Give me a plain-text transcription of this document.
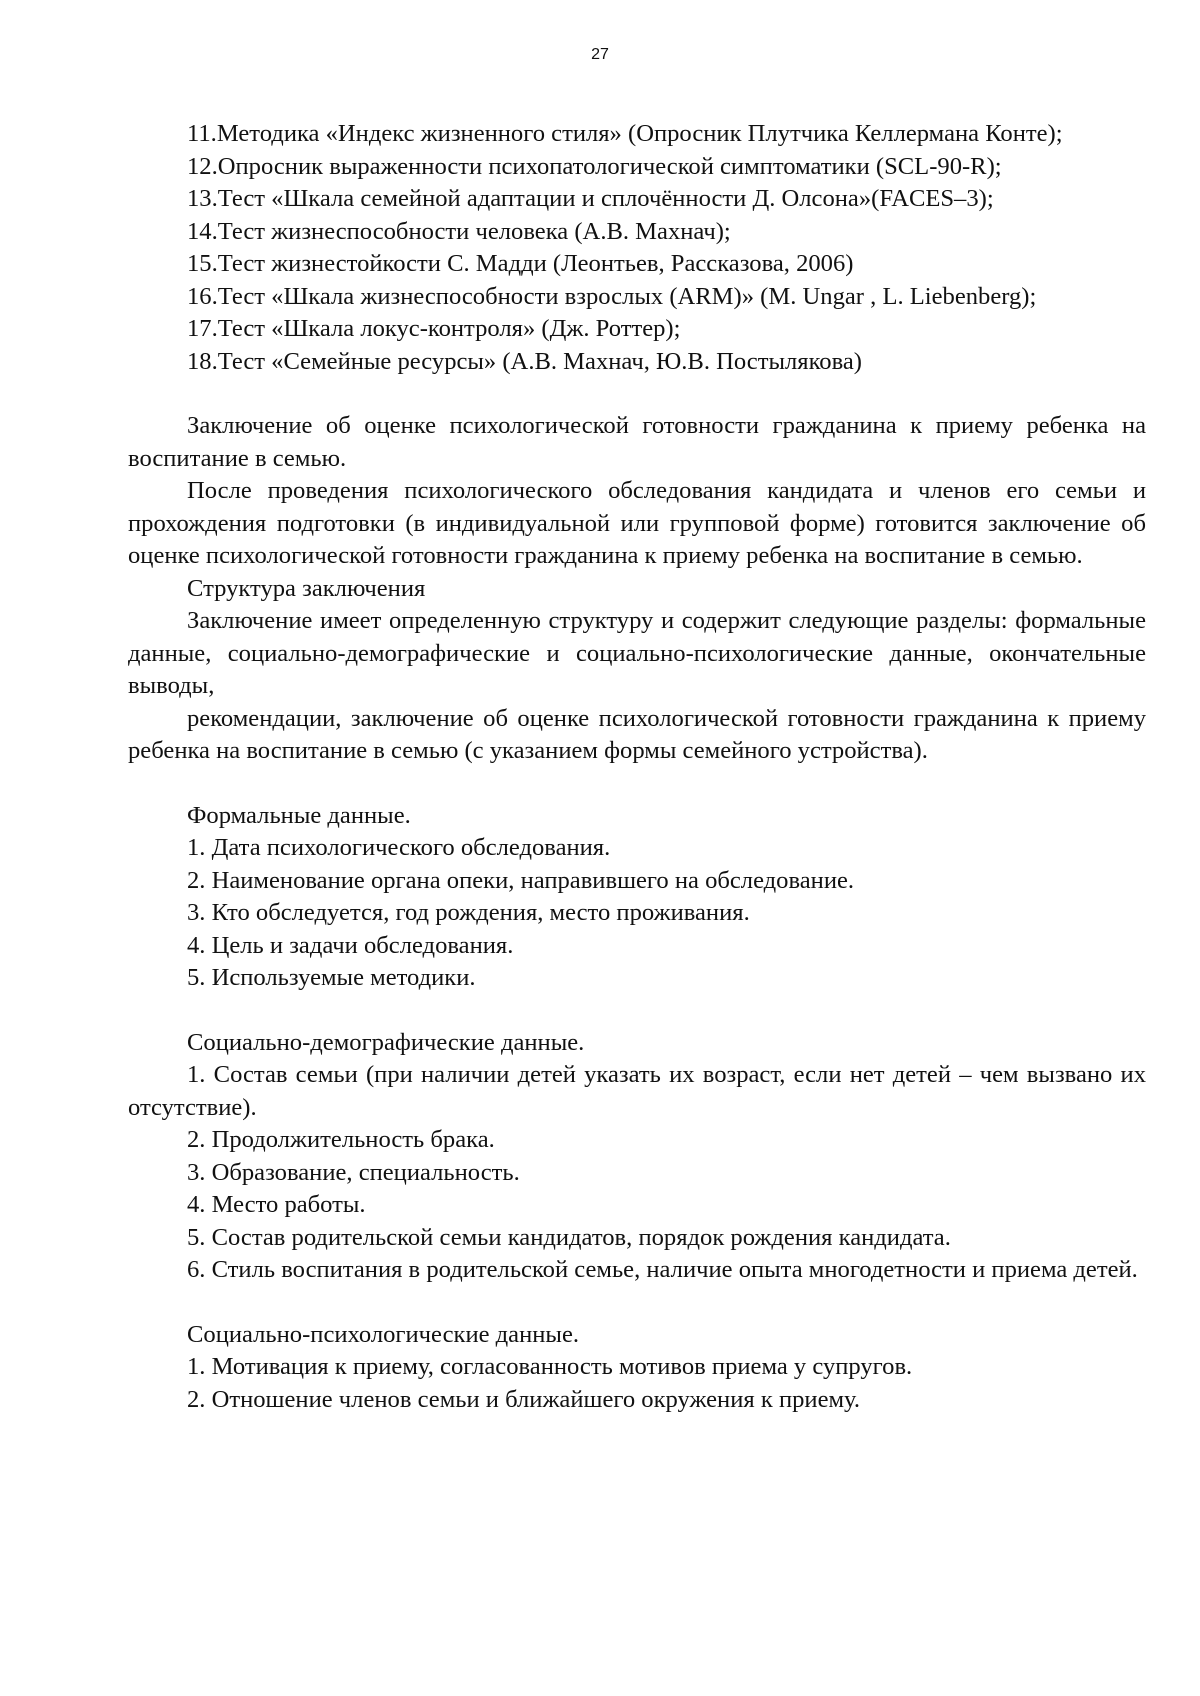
27

11.Методика «Индекс жизненного стиля» (Опросник Плутчика Келлермана Конте);

12.Опросник выраженности психопатологической симптоматики (SCL-90-R);

13.Тест «Шкала семейной адаптации и сплочённости Д. Олсона»(FACES–3);

14.Тест жизнеспособности человека (А.В. Махнач);

15.Тест жизнестойкости С. Мадди (Леонтьев, Рассказова, 2006)

16.Тест «Шкала жизнеспособности взрослых (ARM)» (M. Ungar , L. Liebenberg);

17.Тест «Шкала локус-контроля» (Дж. Роттер);

18.Тест «Семейные ресурсы» (А.В. Махнач, Ю.В. Постылякова)

Заключение об оценке психологической готовности гражданина к приему ребенка на воспитание в семью.

После проведения психологического обследования кандидата и членов его семьи и прохождения подготовки (в индивидуальной или групповой форме) готовится заключение об оценке психологической готовности гражданина к приему ребенка на воспитание в семью.

Структура заключения

Заключение имеет определенную структуру и содержит следующие разделы: формальные данные, социально-демографические и социально-психологические данные, окончательные выводы,

рекомендации, заключение об оценке психологической готовности гражданина к приему ребенка на воспитание в семью (с указанием формы семейного устройства).

Формальные данные.

1. Дата психологического обследования.

2. Наименование органа опеки, направившего на обследование.

3. Кто обследуется, год рождения, место проживания.

4. Цель и задачи обследования.

5. Используемые методики.

Социально-демографические данные.

1. Состав семьи (при наличии детей указать их возраст, если нет детей – чем вызвано их отсутствие).

2. Продолжительность брака.

3. Образование, специальность.

4. Место работы.

5. Состав родительской семьи кандидатов, порядок рождения кандидата.

6. Стиль воспитания в родительской семье, наличие опыта многодетности и приема детей.

Социально-психологические данные.

1. Мотивация к приему, согласованность мотивов приема у супругов.

2. Отношение членов семьи и ближайшего окружения к приему.
